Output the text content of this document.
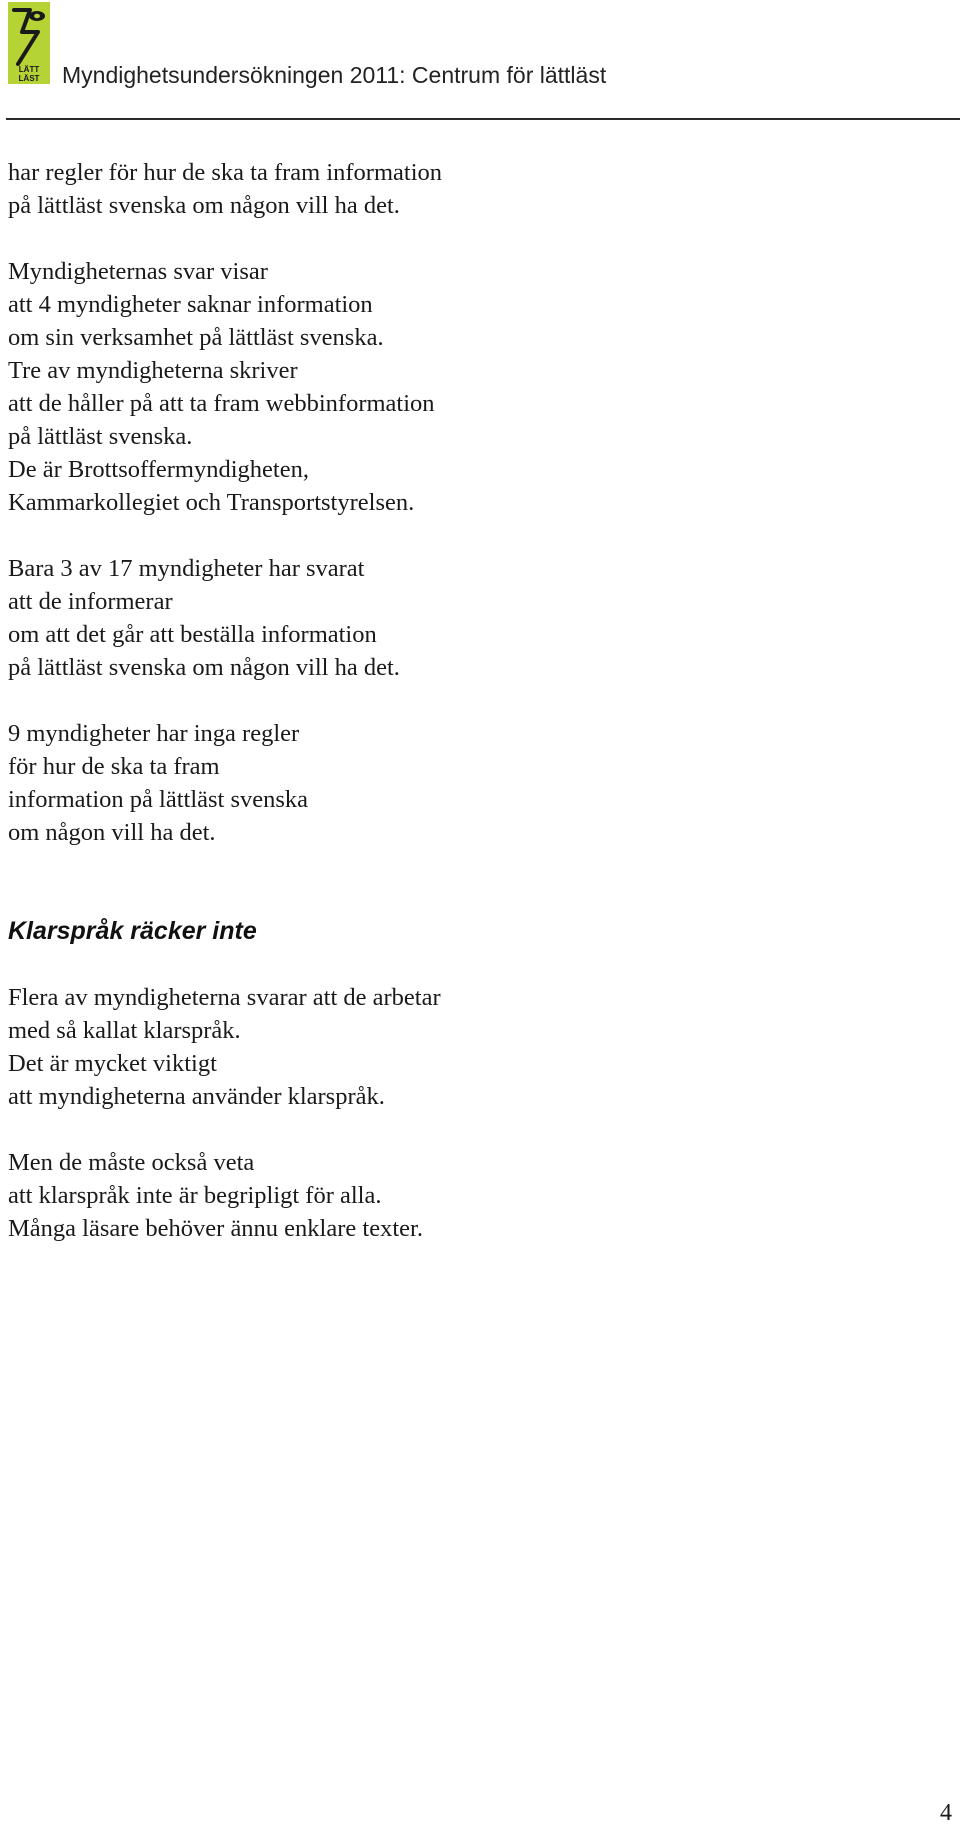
LÄTT
LÄST Myndighetsundersökningen 2011: Centrum för lättläst

har regler för hur de ska ta fram information
på lättläst svenska om någon vill ha det.

Myndigheternas svar visar
att 4 myndigheter saknar information
om sin verksamhet på lättläst svenska.
Tre av myndigheterna skriver
att de håller på att ta fram webbinformation
på lättläst svenska.
De är Brottsoffermyndigheten,
Kammarkollegiet och Transportstyrelsen.

Bara 3 av 17 myndigheter har svarat
att de informerar
om att det går att beställa information
på lättläst svenska om någon vill ha det.

9 myndigheter har inga regler
för hur de ska ta fram
information på lättläst svenska
om någon vill ha det.

Klarspråk räcker inte

Flera av myndigheterna svarar att de arbetar
med så kallat klarspråk.
Det är mycket viktigt
att myndigheterna använder klarspråk.

Men de måste också veta
att klarspråk inte är begripligt för alla.
Många läsare behöver ännu enklare texter.

4
